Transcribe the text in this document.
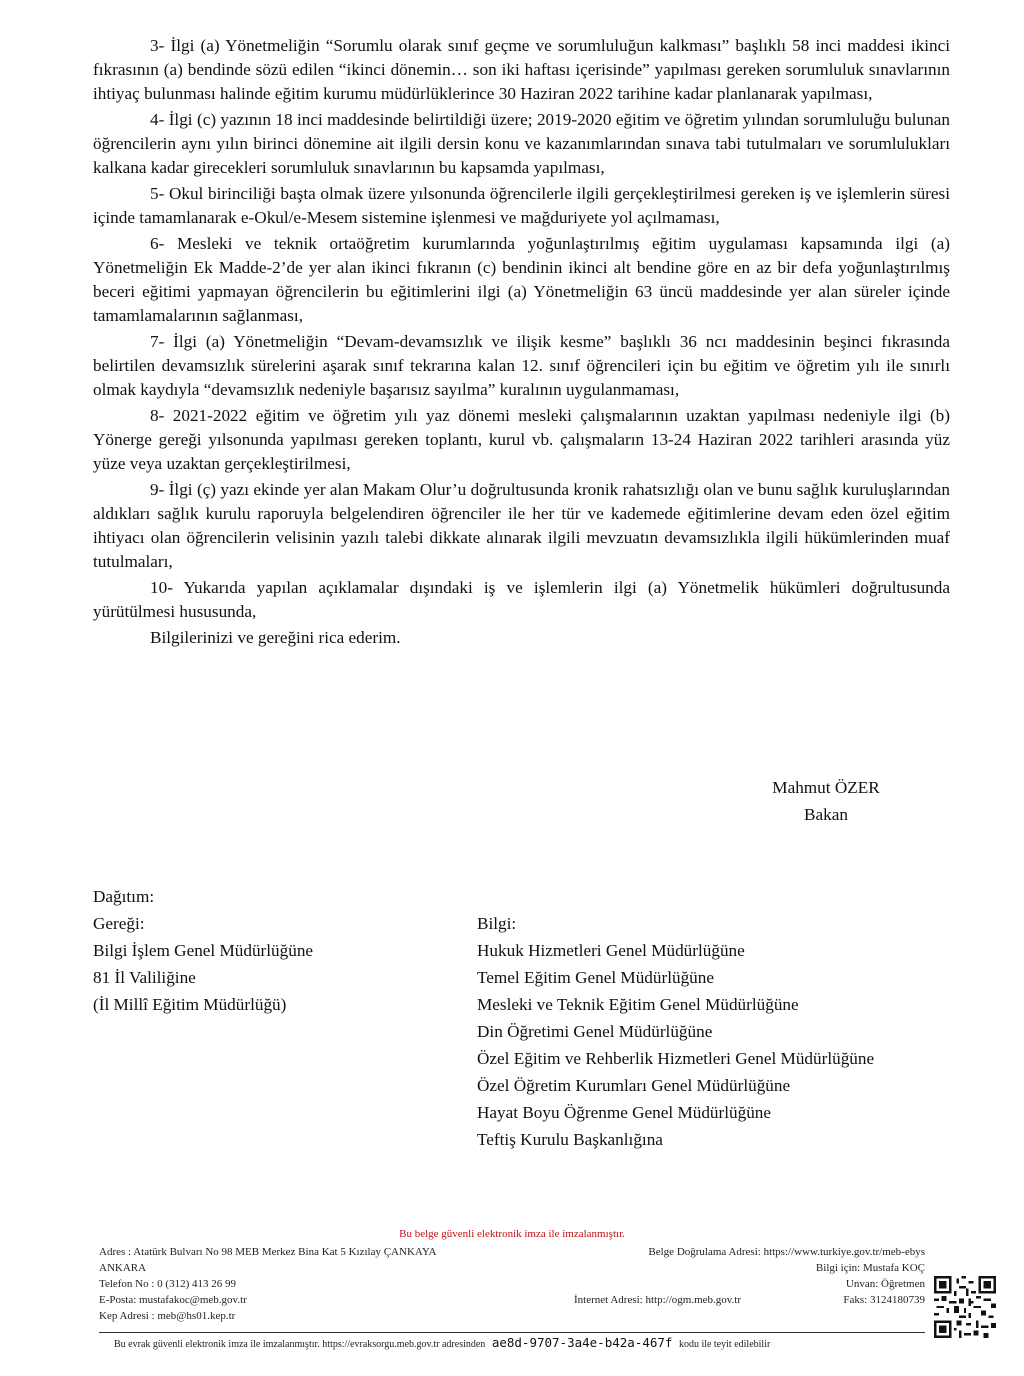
3- İlgi (a) Yönetmeliğin “Sorumlu olarak sınıf geçme ve sorumluluğun kalkması” başlıklı 58 inci maddesi ikinci fıkrasının (a) bendinde sözü edilen “ikinci dönemin… son iki haftası içerisinde” yapılması gereken sorumluluk sınavlarının ihtiyaç bulunması halinde eğitim kurumu müdürlüklerince 30 Haziran 2022 tarihine kadar planlanarak yapılması,

4- İlgi (c) yazının 18 inci maddesinde belirtildiği üzere; 2019-2020 eğitim ve öğretim yılından sorumluluğu bulunan öğrencilerin aynı yılın birinci dönemine ait ilgili dersin konu ve kazanımlarından sınava tabi tutulmaları ve sorumlulukları kalkana kadar girecekleri sorumluluk sınavlarının bu kapsamda yapılması,

5- Okul birinciliği başta olmak üzere yılsonunda öğrencilerle ilgili gerçekleştirilmesi gereken iş ve işlemlerin süresi içinde tamamlanarak e-Okul/e-Mesem sistemine işlenmesi ve mağduriyete yol açılmaması,

6- Mesleki ve teknik ortaöğretim kurumlarında yoğunlaştırılmış eğitim uygulaması kapsamında ilgi (a) Yönetmeliğin Ek Madde-2’de yer alan ikinci fıkranın (c) bendinin ikinci alt bendine göre en az bir defa yoğunlaştırılmış beceri eğitimi yapmayan öğrencilerin bu eğitimlerini ilgi (a) Yönetmeliğin 63 üncü maddesinde yer alan süreler içinde tamamlamalarının sağlanması,

7- İlgi (a) Yönetmeliğin “Devam-devamsızlık ve ilişik kesme” başlıklı 36 ncı maddesinin beşinci fıkrasında belirtilen devamsızlık sürelerini aşarak sınıf tekrarına kalan 12. sınıf öğrencileri için bu eğitim ve öğretim yılı ile sınırlı olmak kaydıyla “devamsızlık nedeniyle başarısız sayılma” kuralının uygulanmaması,

8- 2021-2022 eğitim ve öğretim yılı yaz dönemi mesleki çalışmalarının uzaktan yapılması nedeniyle ilgi (b) Yönerge gereği yılsonunda yapılması gereken toplantı, kurul vb. çalışmaların 13-24 Haziran 2022 tarihleri arasında yüz yüze veya uzaktan gerçekleştirilmesi,

9- İlgi (ç) yazı ekinde yer alan Makam Olur’u doğrultusunda kronik rahatsızlığı olan ve bunu sağlık kuruluşlarından aldıkları sağlık kurulu raporuyla belgelendiren öğrenciler ile her tür ve kademede eğitimlerine devam eden özel eğitim ihtiyacı olan öğrencilerin velisinin yazılı talebi dikkate alınarak ilgili mevzuatın devamsızlıkla ilgili hükümlerinden muaf tutulmaları,

10- Yukarıda yapılan açıklamalar dışındaki iş ve işlemlerin ilgi (a) Yönetmelik hükümleri doğrultusunda yürütülmesi hususunda,

Bilgilerinizi ve gereğini rica ederim.

Mahmut ÖZER
Bakan
Dağıtım:
Gereği:
Bilgi İşlem Genel Müdürlüğüne
81 İl Valiliğine
(İl Millî Eğitim Müdürlüğü)
Bilgi:
Hukuk Hizmetleri Genel Müdürlüğüne
Temel Eğitim Genel Müdürlüğüne
Mesleki ve Teknik Eğitim Genel Müdürlüğüne
Din Öğretimi Genel Müdürlüğüne
Özel Eğitim ve Rehberlik Hizmetleri Genel Müdürlüğüne
Özel Öğretim Kurumları Genel Müdürlüğüne
Hayat Boyu Öğrenme Genel Müdürlüğüne
Teftiş Kurulu Başkanlığına
Bu belge güvenli elektronik imza ile imzalanmıştır.
Adres : Atatürk Bulvarı No 98 MEB Merkez Bina Kat 5 Kızılay ÇANKAYA	Belge Doğrulama Adresi: https://www.turkiye.gov.tr/meb-ebys
ANKARA	Bilgi için: Mustafa KOÇ
Telefon No : 0 (312) 413 26 99	Unvan: Öğretmen
E-Posta: mustafakoc@meb.gov.tr	İnternet Adresi: http://ogm.meb.gov.tr	Faks: 3124180739
Kep Adresi : meb@hs01.kep.tr
Bu evrak güvenli elektronik imza ile imzalanmıştır. https://evraksorgu.meb.gov.tr adresinden ae8d-9707-3a4e-b42a-467f kodu ile teyit edilebilir
